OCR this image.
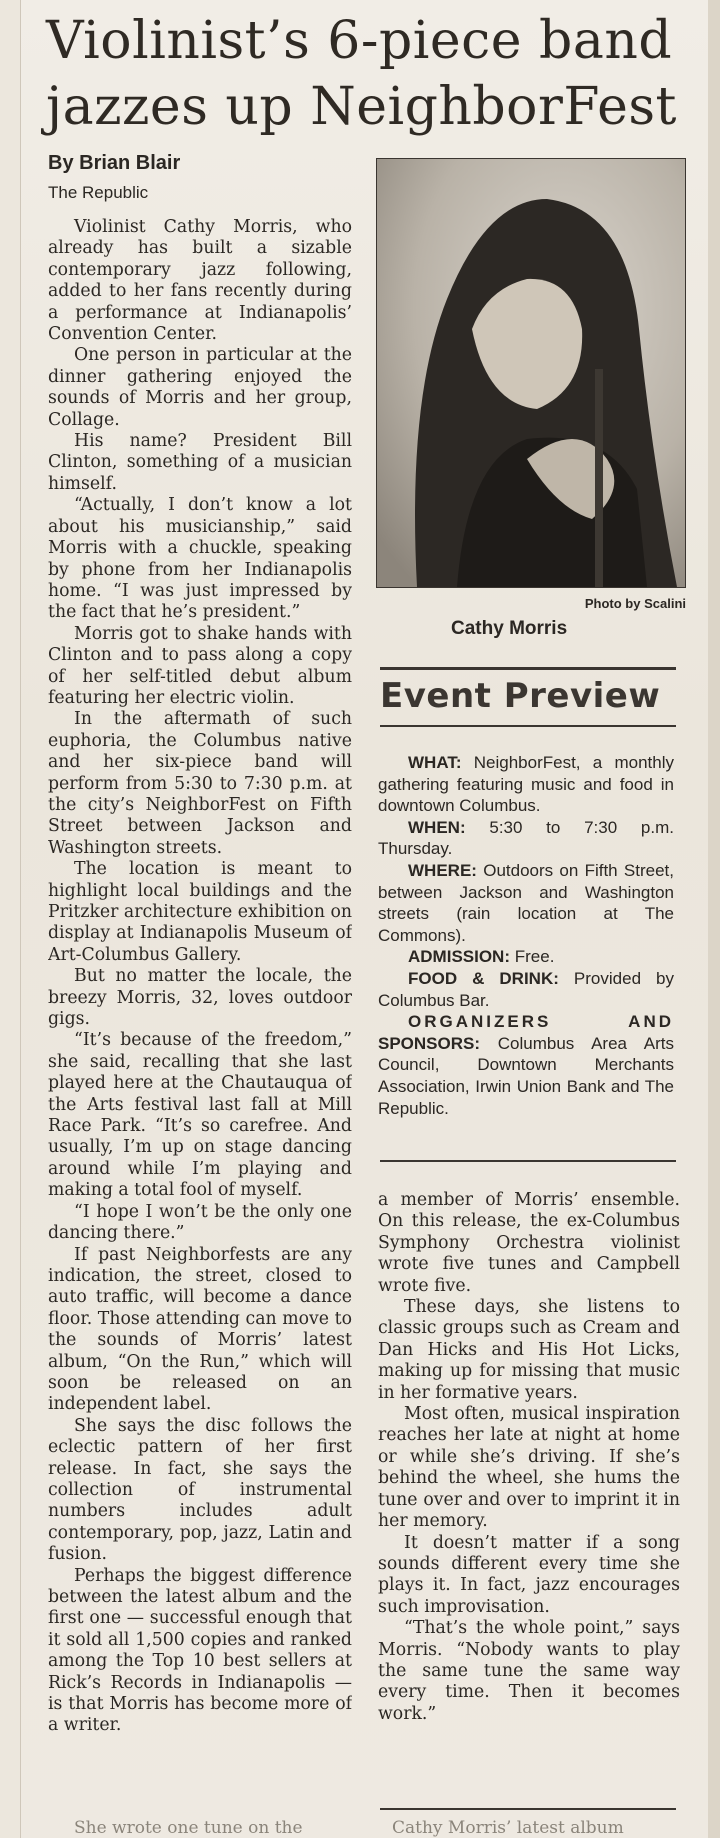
Violinist’s 6-piece band jazzes up NeighborFest
By Brian Blair
The Republic

Violinist Cathy Morris, who already has built a sizable contemporary jazz following, added to her fans recently during a performance at Indianapolis’ Convention Center.

One person in particular at the dinner gathering enjoyed the sounds of Morris and her group, Collage.

His name? President Bill Clinton, something of a musician himself.

“Actually, I don’t know a lot about his musicianship,” said Morris with a chuckle, speaking by phone from her Indianapolis home. “I was just impressed by the fact that he’s president.”

Morris got to shake hands with Clinton and to pass along a copy of her self-titled debut album featuring her electric violin.

In the aftermath of such euphoria, the Columbus native and her six-piece band will perform from 5:30 to 7:30 p.m. at the city’s NeighborFest on Fifth Street between Jackson and Washington streets.

The location is meant to highlight local buildings and the Pritzker architecture exhibition on display at Indianapolis Museum of Art-Columbus Gallery.

But no matter the locale, the breezy Morris, 32, loves outdoor gigs.

“It’s because of the freedom,” she said, recalling that she last played here at the Chautauqua of the Arts festival last fall at Mill Race Park. “It’s so carefree. And usually, I’m up on stage dancing around while I’m playing and making a total fool of myself.

“I hope I won’t be the only one dancing there.”

If past Neighborfests are any indication, the street, closed to auto traffic, will become a dance floor. Those attending can move to the sounds of Morris’ latest album, “On the Run,” which will soon be released on an independent label.

She says the disc follows the eclectic pattern of her first release. In fact, she says the collection of instrumental numbers includes adult contemporary, pop, jazz, Latin and fusion.

Perhaps the biggest difference between the latest album and the first one — successful enough that it sold all 1,500 copies and ranked among the Top 10 best sellers at Rick’s Records in Indianapolis — is that Morris has become more of a writer.

She wrote one tune on the
Photo by Scalini
Cathy Morris
Event Preview

WHAT: NeighborFest, a monthly gathering featuring music and food in downtown Columbus.

WHEN: 5:30 to 7:30 p.m. Thursday.

WHERE: Outdoors on Fifth Street, between Jackson and Washington streets (rain location at The Commons).

ADMISSION: Free.

FOOD & DRINK: Provided by Columbus Bar.

ORGANIZERS AND SPONSORS: Columbus Area Arts Council, Downtown Merchants Association, Irwin Union Bank and The Republic.

a member of Morris’ ensemble. On this release, the ex-Columbus Symphony Orchestra violinist wrote five tunes and Campbell wrote five.

These days, she listens to classic groups such as Cream and Dan Hicks and His Hot Licks, making up for missing that music in her formative years.

Most often, musical inspiration reaches her late at night at home or while she’s driving. If she’s behind the wheel, she hums the tune over and over to imprint it in her memory.

It doesn’t matter if a song sounds different every time she plays it. In fact, jazz encourages such improvisation.

“That’s the whole point,” says Morris. “Nobody wants to play the same tune the same way every time. Then it becomes work.”

Cathy Morris’ latest album
